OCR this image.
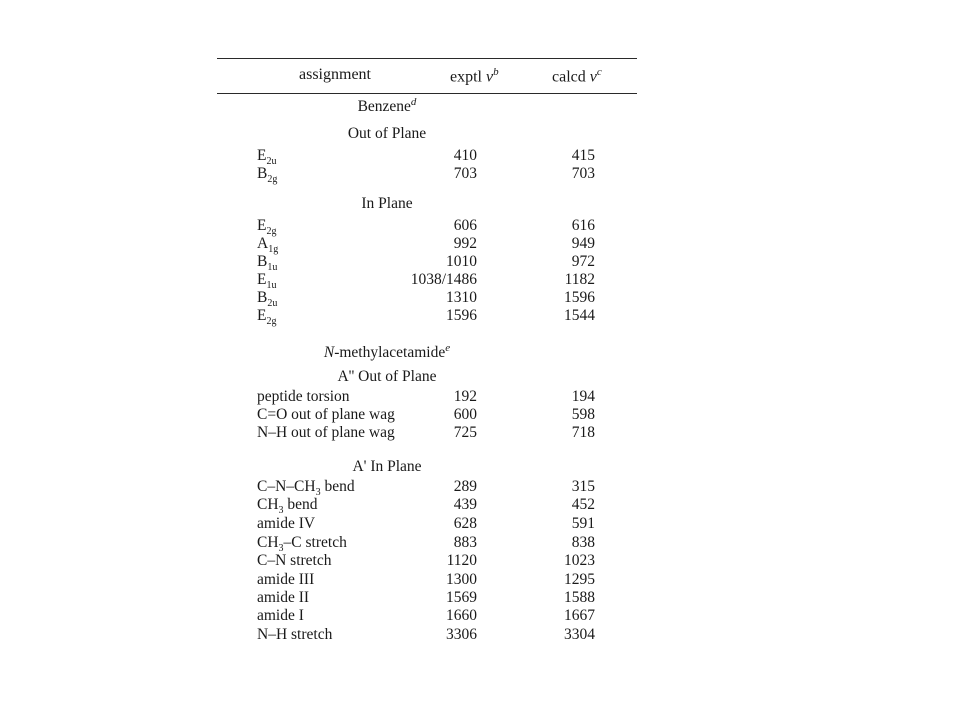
assignment	exptl $\nu^b$	calcd $\nu^c$
Benzene$^d$
Out of Plane
$E_{2u}$	410	415
$B_{2g}$	703	703
In Plane
$E_{2g}$	606	616
$A_{1g}$	992	949
$B_{1u}$	1010	972
$E_{1u}$	1038/1486	1182
$B_{2u}$	1310	1596
$E_{2g}$	1596	1544
N-methylacetamide$^e$
A'' Out of Plane
peptide torsion	192	194
C=O out of plane wag	600	598
N–H out of plane wag	725	718
A' In Plane
$C-N-CH_3$ bend	289	315
$CH_3$ bend	439	452
amide IV	628	591
$CH_3-C$ stretch	883	838
C–N stretch	1120	1023
amide III	1300	1295
amide II	1569	1588
amide I	1660	1667
N–H stretch	3306	3304
